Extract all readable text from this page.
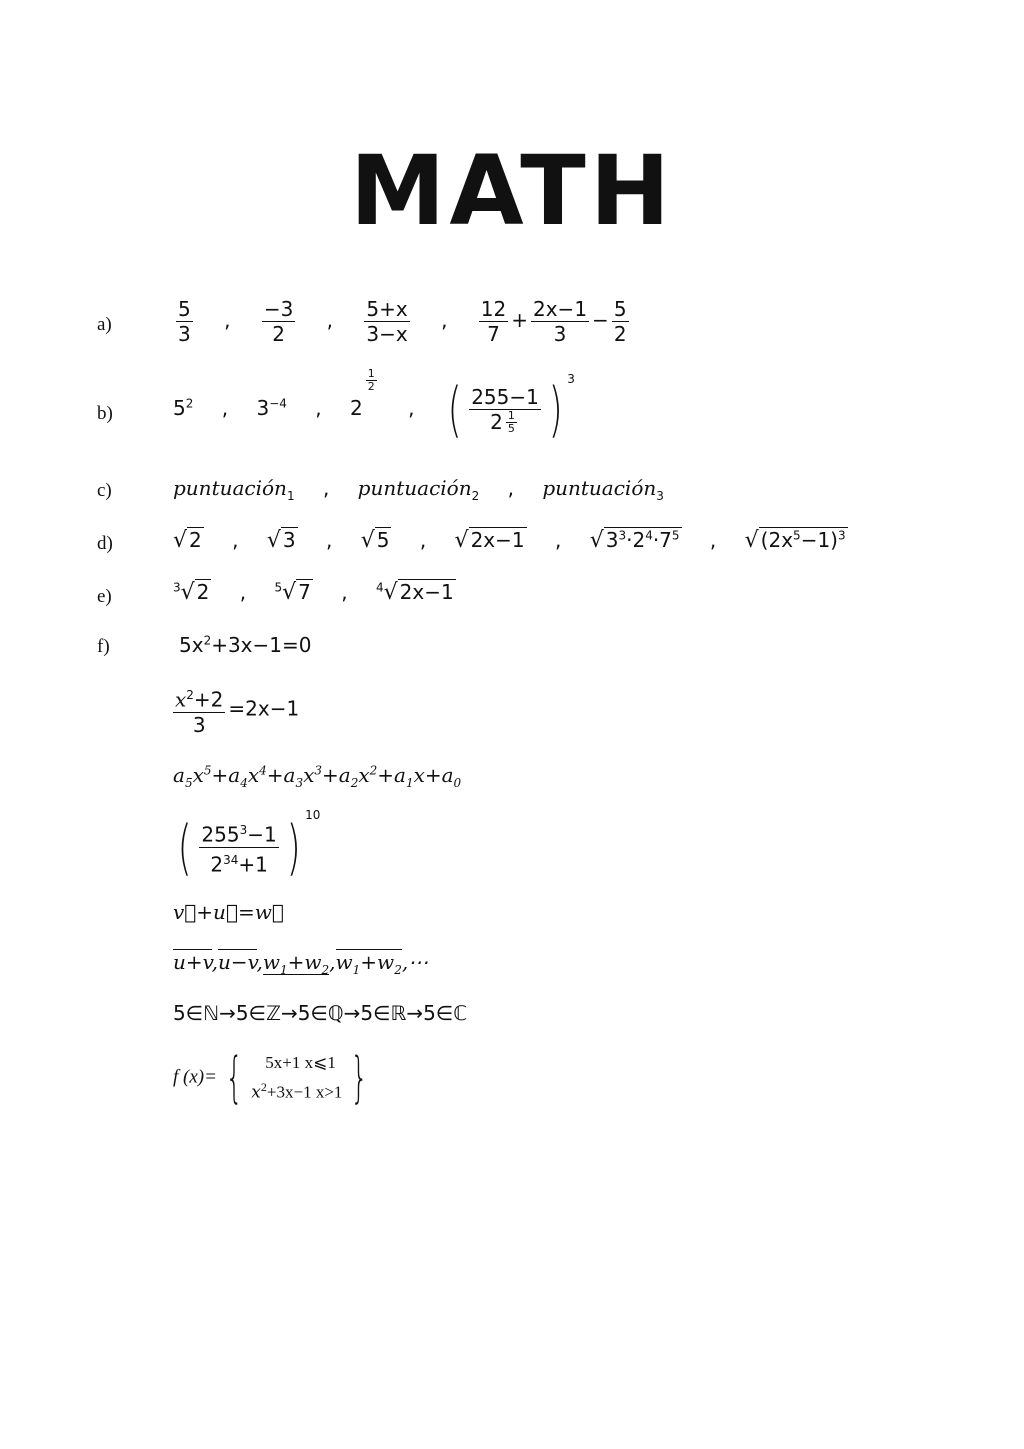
MATH
a)	$\frac{5}{3}$ , $\frac{-3}{2}$ , $\frac{5+x}{3-x}$ , $\frac{12}{7} + \frac{2x-1}{3} - \frac{5}{2}$
b)	$5^2$ , $3^{-4}$ , 2
$\frac{1}{2}$
, ( $\frac{255-1}{2 \frac{1}{5}}$ ) $^3$
c)	puntuación$_1$ , puntuación$_2$ , puntuación$_3$
d)	√ 2 , √ 3 , √ 5 , √ 2x−1 , √ $3^3\cdot 2^4\cdot 7^5$ , √ $(2x^5-1)^3$
e)	$^3$√ 2 , $^5$√ 7 , $^4$√ 2x−1
f)	$5x^2+3x-1=0$
$\frac{x^2+2}{3} =2x-1$
$a_5x^5+a_4x^4+a_3x^3+a_2x^2+a_1x+a_0$
( $\frac{255^3-1}{2^{34}+1}$ ) $^{10}$
v⃗+u⃗=w⃗
$u+v,u-v,w_1+w_2,w_1+w_2,\cdots$
5∈ℕ→5∈ℤ→5∈ℚ→5∈ℝ→5∈ℂ
f (x)= {	5x+1 x⩽1
$x^2+3x-1$ x>1 }
